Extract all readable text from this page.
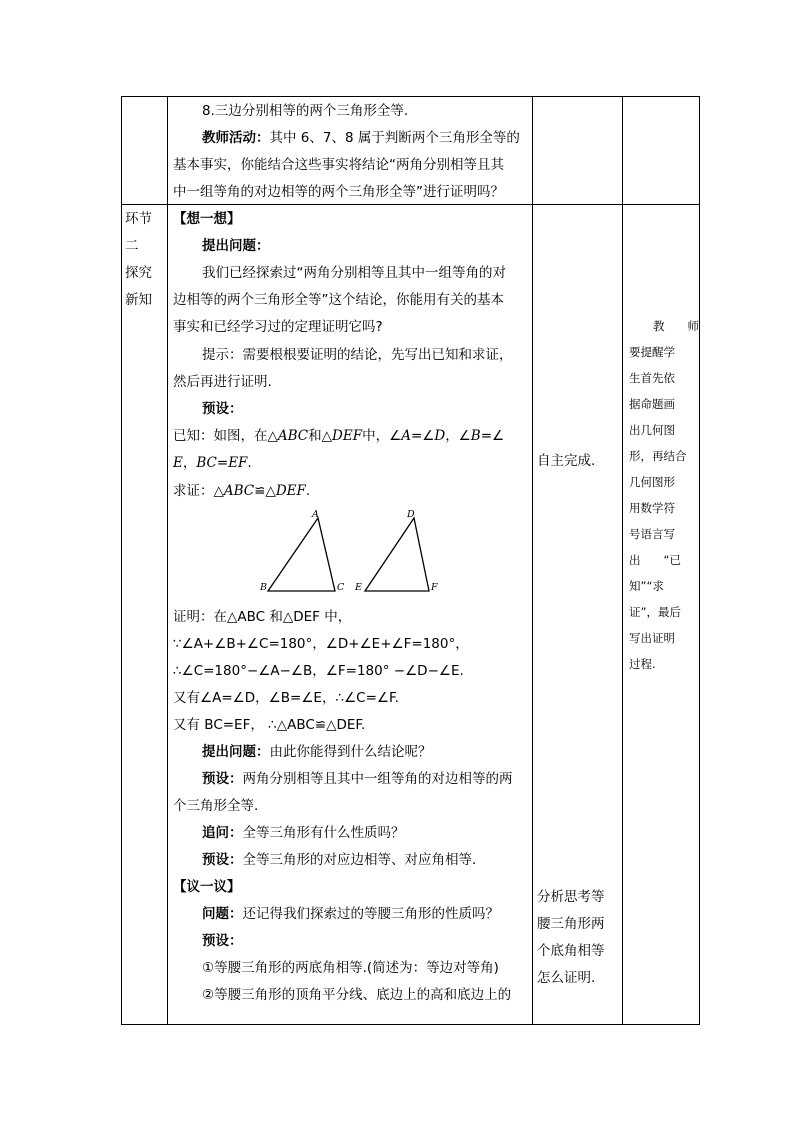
8.三边分别相等的两个三角形全等.
教师活动：其中 6、7、8 属于判断两个三角形全等的
基本事实，你能结合这些事实将结论“两角分别相等且其
中一组等角的对边相等的两个三角形全等”进行证明吗？
环节
二
探究
新知
【想一想】
提出问题：
我们已经探索过“两角分别相等且其中一组等角的对
边相等的两个三角形全等”这个结论，你能用有关的基本
事实和已经学习过的定理证明它吗?
提示：需要根根要证明的结论，先写出已知和求证，
然后再进行证明.
预设：
已知：如图，在△ABC和△DEF中，∠A=∠D，∠B=∠
E，BC=EF.
求证：△ABC≌△DEF.
A
B	C
D
E	F
证明：在△ABC 和△DEF 中，
∵∠A+∠B+∠C=180°，∠D+∠E+∠F=180°，
∴∠C=180°−∠A−∠B，∠F=180° −∠D−∠E.
又有∠A=∠D，∠B=∠E，∴∠C=∠F.
又有 BC=EF， ∴△ABC≌△DEF.
提出问题：由此你能得到什么结论呢？
预设：两角分别相等且其中一组等角的对边相等的两
个三角形全等.
追问：全等三角形有什么性质吗？
预设：全等三角形的对应边相等、对应角相等.
【议一议】
问题：还记得我们探索过的等腰三角形的性质吗？
预设：
①等腰三角形的两底角相等.(简述为：等边对等角)
②等腰三角形的顶角平分线、底边上的高和底边上的
自主完成.
分析思考等
腰三角形两
个底角相等
怎么证明.
教　　师
要提醒学
生首先依
据命题画
出几何图
形，再结合
几何图形
用数学符
号语言写
出　　“已
知”“求
证”，最后
写出证明
过程.
